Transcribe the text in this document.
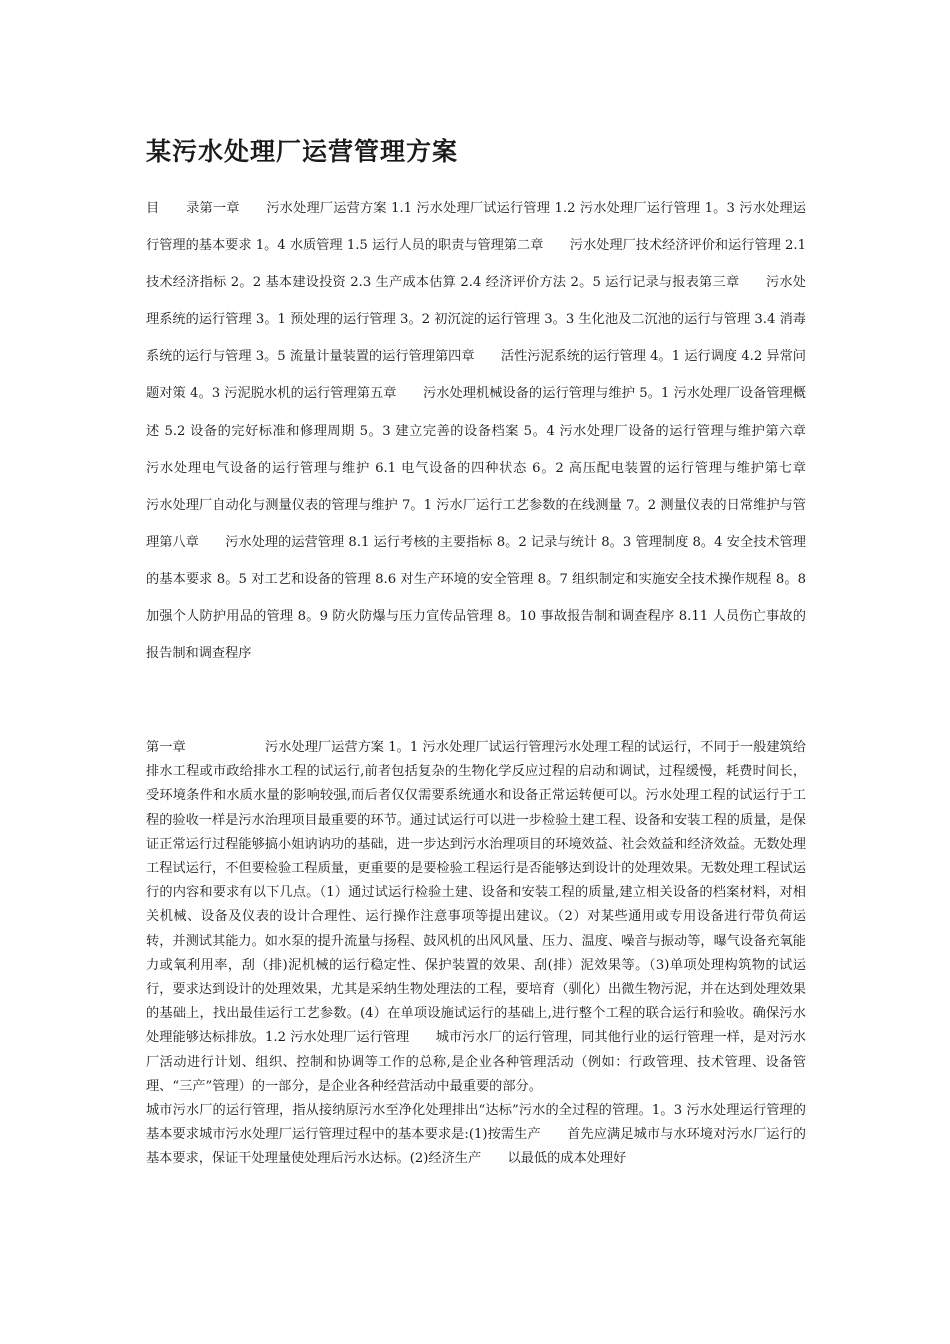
某污水处理厂运营管理方案

目　　录第一章　　污水处理厂运营方案 1.1 污水处理厂试运行管理 1.2 污水处理厂运行管理 1。3 污水处理运行管理的基本要求 1。4 水质管理 1.5 运行人员的职责与管理第二章　　污水处理厂技术经济评价和运行管理 2.1 技术经济指标 2。2 基本建设投资 2.3 生产成本估算 2.4 经济评价方法 2。5 运行记录与报表第三章　　污水处理系统的运行管理 3。1 预处理的运行管理 3。2 初沉淀的运行管理 3。3 生化池及二沉池的运行与管理 3.4 消毒系统的运行与管理 3。5 流量计量装置的运行管理第四章　　活性污泥系统的运行管理 4。1 运行调度 4.2 异常问题对策 4。3 污泥脱水机的运行管理第五章　　污水处理机械设备的运行管理与维护 5。1 污水处理厂设备管理概述 5.2 设备的完好标准和修理周期 5。3 建立完善的设备档案 5。4 污水处理厂设备的运行管理与维护第六章　　污水处理电气设备的运行管理与维护 6.1 电气设备的四种状态 6。2 高压配电装置的运行管理与维护第七章　　污水处理厂自动化与测量仪表的管理与维护 7。1 污水厂运行工艺参数的在线测量 7。2 测量仪表的日常维护与管理第八章　　污水处理的运营管理 8.1 运行考核的主要指标 8。2 记录与统计 8。3 管理制度 8。4 安全技术管理的基本要求 8。5 对工艺和设备的管理 8.6 对生产环境的安全管理 8。7 组织制定和实施安全技术操作规程 8。8 加强个人防护用品的管理 8。9 防火防爆与压力宣传品管理 8。10 事故报告制和调查程序 8.11 人员伤亡事故的报告制和调查程序

第一章　　　　　　污水处理厂运营方案 1。1 污水处理厂试运行管理污水处理工程的试运行，不同于一般建筑给排水工程或市政给排水工程的试运行,前者包括复杂的生物化学反应过程的启动和调试，过程缓慢，耗费时间长，受环境条件和水质水量的影响较强,而后者仅仅需要系统通水和设备正常运转便可以。污水处理工程的试运行于工程的验收一样是污水治理项目最重要的环节。通过试运行可以进一步检验土建工程、设备和安装工程的质量，是保证正常运行过程能够搞小姐讷讷功的基础，进一步达到污水治理项目的环境效益、社会效益和经济效益。无数处理工程试运行，不但要检验工程质量，更重要的是要检验工程运行是否能够达到设计的处理效果。无数处理工程试运行的内容和要求有以下几点。（1）通过试运行检验土建、设备和安装工程的质量,建立相关设备的档案材料，对相关机械、设备及仪表的设计合理性、运行操作注意事项等提出建议。（2）对某些通用或专用设备进行带负荷运转，并测试其能力。如水泵的提升流量与扬程、鼓风机的出风风量、压力、温度、噪音与振动等，曝气设备充氧能力或氧利用率，刮（排)泥机械的运行稳定性、保护装置的效果、刮(排）泥效果等。（3)单项处理构筑物的试运行，要求达到设计的处理效果，尤其是采纳生物处理法的工程，要培育（驯化）出微生物污泥，并在达到处理效果的基础上，找出最佳运行工艺参数。(4）在单项设施试运行的基础上,进行整个工程的联合运行和验收。确保污水处理能够达标排放。1.2 污水处理厂运行管理　　城市污水厂的运行管理，同其他行业的运行管理一样，是对污水厂活动进行计划、组织、控制和协调等工作的总称,是企业各种管理活动（例如：行政管理、技术管理、设备管理、“三产”管理）的一部分，是企业各种经营活动中最重要的部分。

城市污水厂的运行管理，指从接纳原污水至净化处理排出“达标”污水的全过程的管理。1。3 污水处理运行管理的基本要求城市污水处理厂运行管理过程中的基本要求是:(1)按需生产　　首先应满足城市与水环境对污水厂运行的基本要求，保证干处理量使处理后污水达标。(2)经济生产　　以最低的成本处理好
